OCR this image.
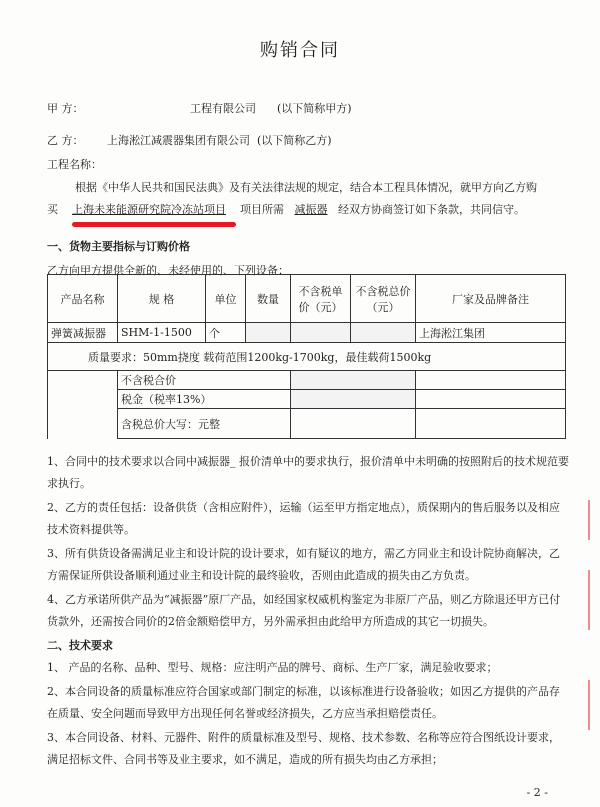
购销合同
甲 方：	工程有限公司 (以下简称甲方)
乙 方： 上海淞江减震器集团有限公司 (以下简称乙方)
工程名称：
根据《中华人民共和国民法典》及有关法律法规的规定，结合本工程具体情况，就甲方向乙方购
买 上海未来能源研究院冷冻站项目 项目所需 减振器 经双方协商签订如下条款，共同信守。
一、货物主要指标与订购价格
乙方向甲方提供全新的、未经使用的、下列设备：
产品名称	规 格	单位	数量	不含税单价（元）	不含税总价（元）	厂家及品牌备注
弹簧减振器	SHM-1-1500	个				上海淞江集团
质量要求：50mm挠度 载荷范围1200kg-1700kg，最佳载荷1500kg						
	不含税合价					
	税金（税率13%）					
	含税总价大写：元整					
1、合同中的技术要求以合同中减振器_ 报价清单中的要求执行，报价清单中未明确的按照附后的技术规范要求执行。
2、乙方的责任包括：设备供货（含相应附件），运输（运至甲方指定地点），质保期内的售后服务以及相应技术资料提供等。
3、所有供货设备需满足业主和设计院的设计要求，如有疑议的地方，需乙方同业主和设计院协商解决，乙方需保证所供设备顺利通过业主和设计院的最终验收，否则由此造成的损失由乙方负责。
4、乙方承诺所供产品为“减振器”原厂产品，如经国家权威机构鉴定为非原厂产品，则乙方除退还甲方已付货款外，还需按合同价的2倍金额赔偿甲方，另外需承担由此给甲方所造成的其它一切损失。
二、技术要求
1、 产品的名称、品种、型号、规格：应注明产品的牌号、商标、生产厂家，满足验收要求；
2、本合同设备的质量标准应符合国家或部门制定的标准，以该标准进行设备验收；如因乙方提供的产品存在质量、安全问题而导致甲方出现任何名誉或经济损失，乙方应当承担赔偿责任。
3、本合同设备、材料、元器件、附件的质量标准及型号、规格、技术参数、名称等应符合图纸设计要求，满足招标文件、合同书等及业主要求，如不满足，造成的所有损失均由乙方承担；
- 2 -
